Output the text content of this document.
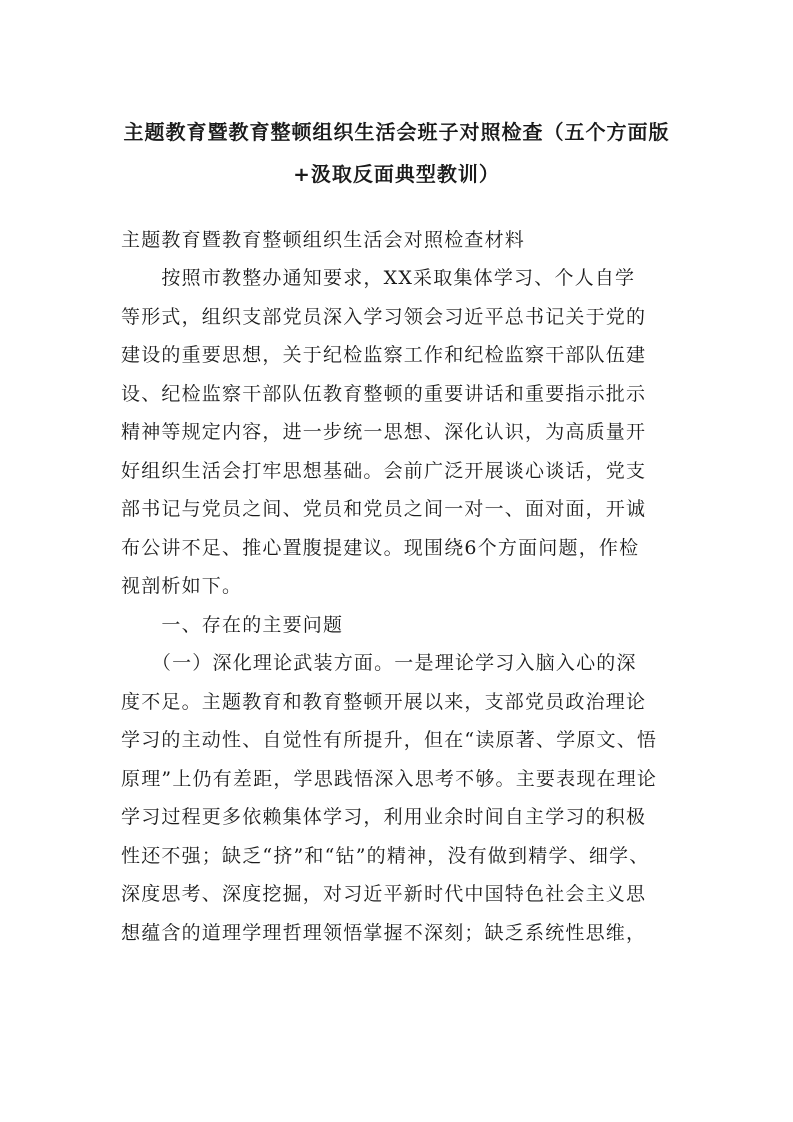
主题教育暨教育整顿组织生活会班子对照检查（五个方面版
+汲取反面典型教训）
主题教育暨教育整顿组织生活会对照检查材料
　　按照市教整办通知要求，XX采取集体学习、个人自学
等形式，组织支部党员深入学习领会习近平总书记关于党的
建设的重要思想，关于纪检监察工作和纪检监察干部队伍建
设、纪检监察干部队伍教育整顿的重要讲话和重要指示批示
精神等规定内容，进一步统一思想、深化认识，为高质量开
好组织生活会打牢思想基础。会前广泛开展谈心谈话，党支
部书记与党员之间、党员和党员之间一对一、面对面，开诚
布公讲不足、推心置腹提建议。现围绕6个方面问题，作检
视剖析如下。
　　一、存在的主要问题
　　（一）深化理论武装方面。一是理论学习入脑入心的深
度不足。主题教育和教育整顿开展以来，支部党员政治理论
学习的主动性、自觉性有所提升，但在“读原著、学原文、悟
原理”上仍有差距，学思践悟深入思考不够。主要表现在理论
学习过程更多依赖集体学习，利用业余时间自主学习的积极
性还不强；缺乏“挤”和“钻”的精神，没有做到精学、细学、
深度思考、深度挖掘，对习近平新时代中国特色社会主义思
想蕴含的道理学理哲理领悟掌握不深刻；缺乏系统性思维，
